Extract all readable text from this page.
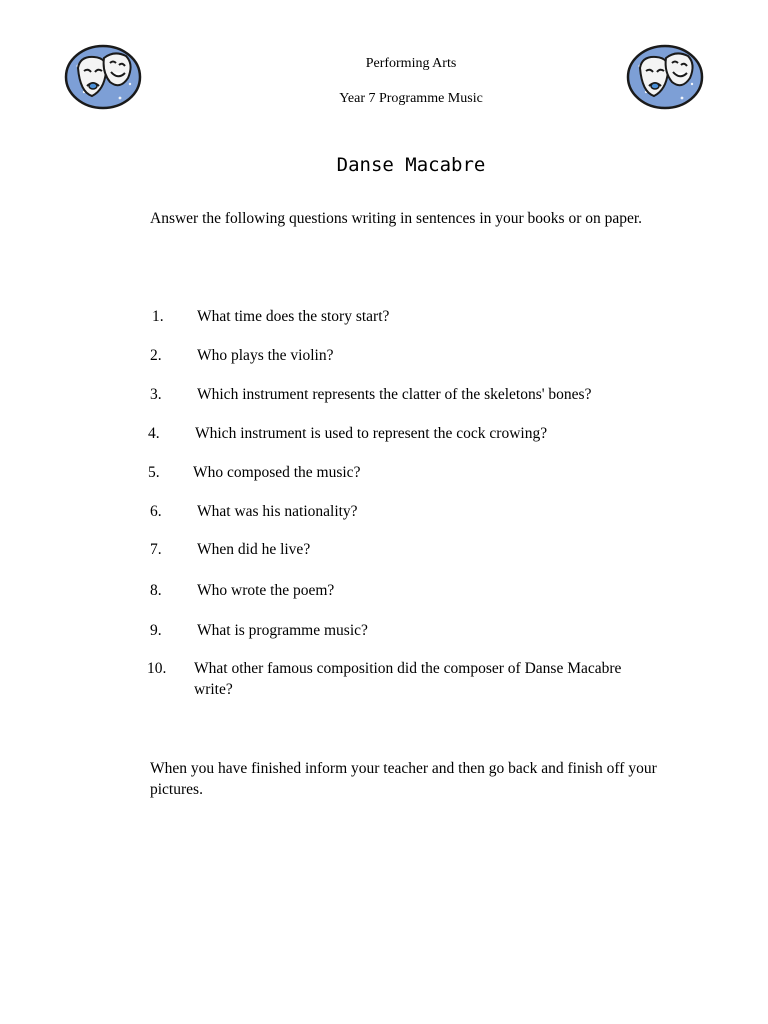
Performing Arts
Year 7 Programme Music
Danse Macabre
Answer the following questions writing in sentences in your books or on paper.
1. What time does the story start?
2. Who plays the violin?
3. Which instrument represents the clatter of the skeletons' bones?
4. Which instrument is used to represent the cock crowing?
5. Who composed the music?
6. What was his nationality?
7. When did he live?
8. Who wrote the poem?
9. What is programme music?
10. What other famous composition did the composer of Danse Macabre write?
When you have finished inform your teacher and then go back and finish off your pictures.
